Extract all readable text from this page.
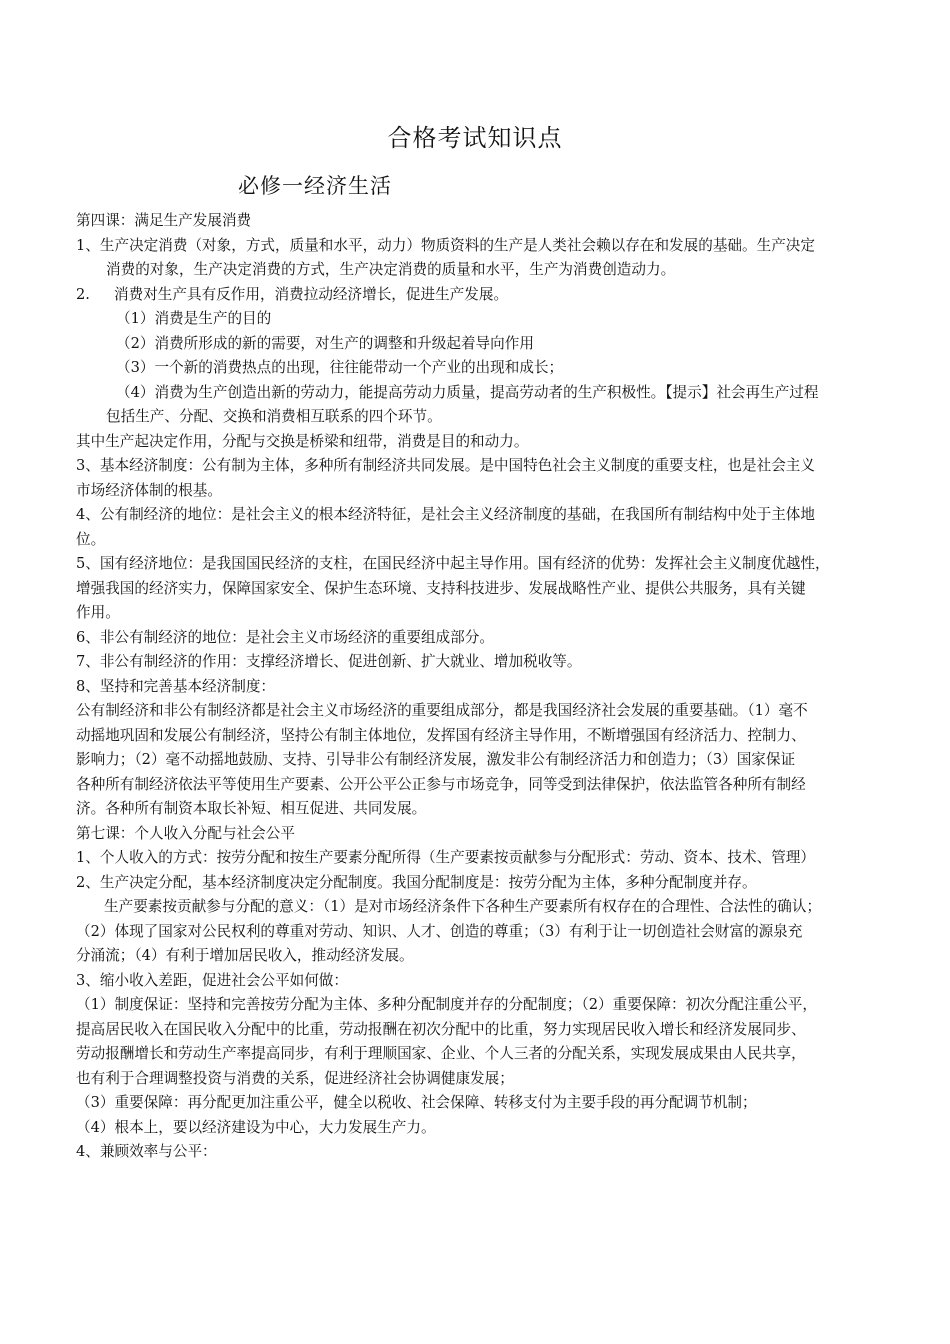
合格考试知识点
必修一经济生活
第四课：满足生产发展消费
1、生产决定消费（对象，方式，质量和水平，动力）物质资料的生产是人类社会赖以存在和发展的基础。生产决定
消费的对象，生产决定消费的方式，生产决定消费的质量和水平，生产为消费创造动力。
2. 消费对生产具有反作用，消费拉动经济增长，促进生产发展。
（1）消费是生产的目的
（2）消费所形成的新的需要，对生产的调整和升级起着导向作用
（3）一个新的消费热点的出现，往往能带动一个产业的出现和成长；
（4）消费为生产创造出新的劳动力，能提高劳动力质量，提高劳动者的生产积极性。【提示】社会再生产过程
包括生产、分配、交换和消费相互联系的四个环节。
其中生产起决定作用，分配与交换是桥梁和纽带，消费是目的和动力。
3、基本经济制度：公有制为主体，多种所有制经济共同发展。是中国特色社会主义制度的重要支柱，也是社会主义
市场经济体制的根基。
4、公有制经济的地位：是社会主义的根本经济特征，是社会主义经济制度的基础，在我国所有制结构中处于主体地
位。
5、国有经济地位：是我国国民经济的支柱，在国民经济中起主导作用。国有经济的优势：发挥社会主义制度优越性，
增强我国的经济实力，保障国家安全、保护生态环境、支持科技进步、发展战略性产业、提供公共服务，具有关键
作用。
6、非公有制经济的地位：是社会主义市场经济的重要组成部分。
7、非公有制经济的作用：支撑经济增长、促进创新、扩大就业、增加税收等。
8、坚持和完善基本经济制度：
公有制经济和非公有制经济都是社会主义市场经济的重要组成部分，都是我国经济社会发展的重要基础。（1）毫不
动摇地巩固和发展公有制经济，坚持公有制主体地位，发挥国有经济主导作用，不断增强国有经济活力、控制力、
影响力；（2）毫不动摇地鼓励、支持、引导非公有制经济发展，激发非公有制经济活力和创造力；（3）国家保证
各种所有制经济依法平等使用生产要素、公开公平公正参与市场竞争，同等受到法律保护，依法监管各种所有制经
济。各种所有制资本取长补短、相互促进、共同发展。
第七课：个人收入分配与社会公平
1、个人收入的方式：按劳分配和按生产要素分配所得（生产要素按贡献参与分配形式：劳动、资本、技术、管理）
2、生产决定分配，基本经济制度决定分配制度。我国分配制度是：按劳分配为主体，多种分配制度并存。
生产要素按贡献参与分配的意义：（1）是对市场经济条件下各种生产要素所有权存在的合理性、合法性的确认；
（2）体现了国家对公民权利的尊重对劳动、知识、人才、创造的尊重；（3）有利于让一切创造社会财富的源泉充
分涌流；（4）有利于增加居民收入，推动经济发展。
3、缩小收入差距，促进社会公平如何做：
（1）制度保证：坚持和完善按劳分配为主体、多种分配制度并存的分配制度；（2）重要保障：初次分配注重公平，
提高居民收入在国民收入分配中的比重，劳动报酬在初次分配中的比重，努力实现居民收入增长和经济发展同步、
劳动报酬增长和劳动生产率提高同步，有利于理顺国家、企业、个人三者的分配关系，实现发展成果由人民共享，
也有利于合理调整投资与消费的关系，促进经济社会协调健康发展；
（3）重要保障：再分配更加注重公平，健全以税收、社会保障、转移支付为主要手段的再分配调节机制；
（4）根本上，要以经济建设为中心，大力发展生产力。
4、兼顾效率与公平：
